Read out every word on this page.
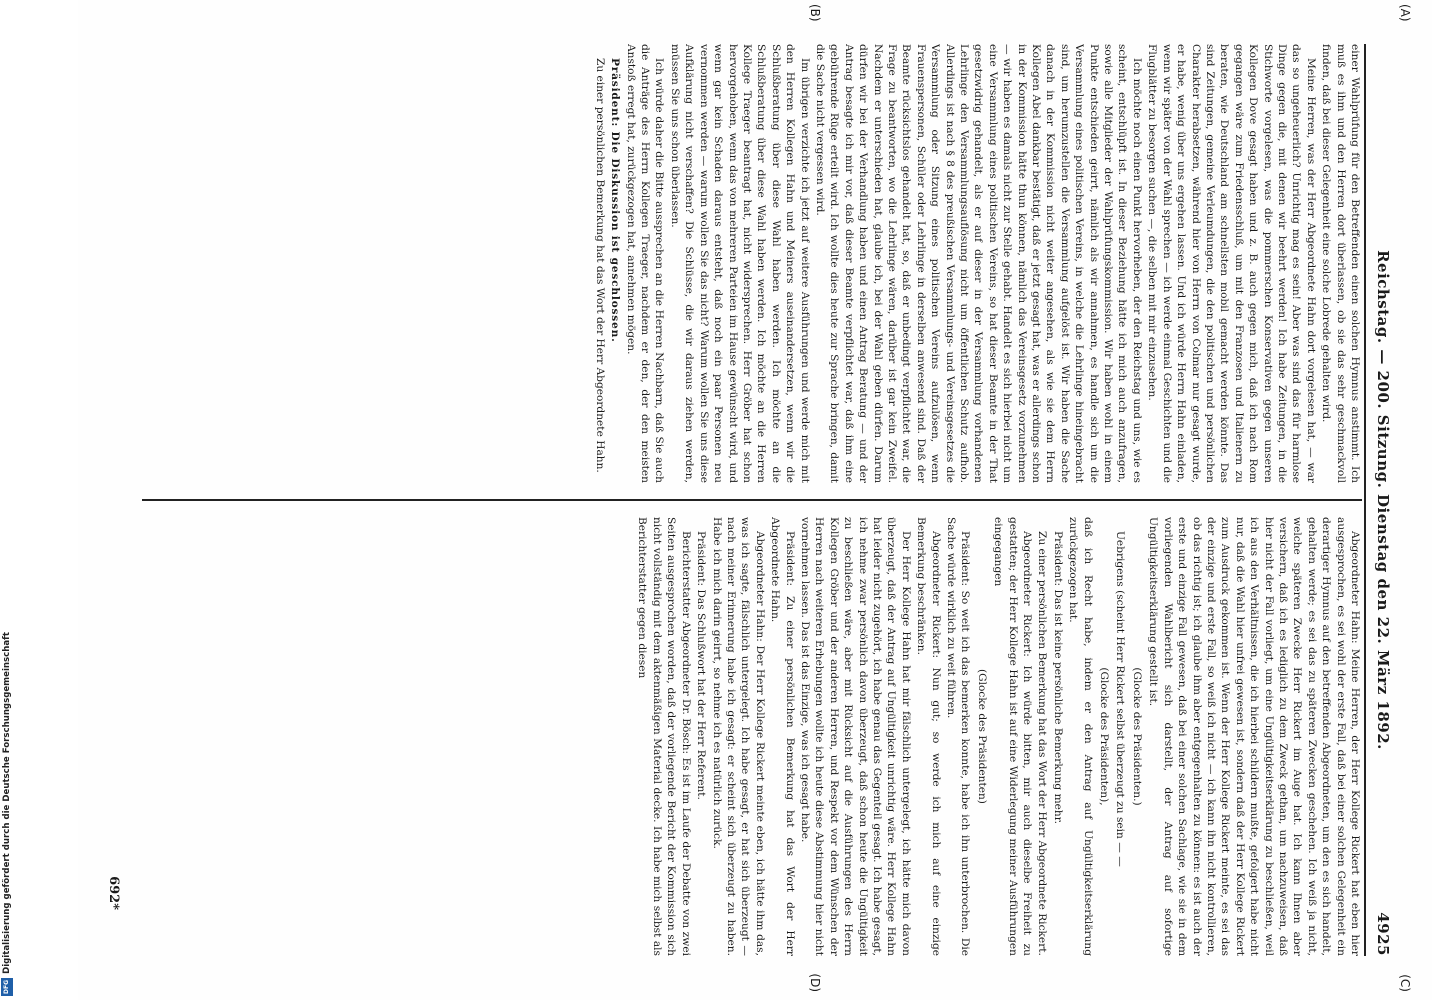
Digitalisierung gefördert durch die Deutsche Forschungsgemeinschaft
DFG
Reichstag. — 200. Sitzung. Dienstag den 22. März 1892.
4925
(A)
(B)
(C)
(D)

einer Wahlprüfung für den Betreffenden einen solchen Hymnus anstimmt. Ich muß es ihm und den Herren dort überlassen, ob sie das sehr geschmackvoll finden, daß bei dieser Gelegenheit eine solche Lobrede gehalten wird.

Meine Herren, was der Herr Abgeordnete Hahn dort vorgelesen hat, — war das so ungeheuerlich? Unrichtig mag es sein! Aber was sind das für harmlose Dinge gegen die, mit denen wir beehrt werden! Ich habe Zeitungen, in die Stichworte vorgelesen, was die pommerschen Konservativen gegen unseren Kollegen Dove gesagt haben und z. B. auch gegen mich, daß ich nach Rom gegangen wäre zum Friedensschluß, um mit den Franzosen und Italienern zu beraten, wie Deutschland am schnellsten mobil gemacht werden könnte. Das sind Zeitungen, gemeine Verleumdungen, die den politischen und persönlichen Charakter herabsetzen, während hier von Herrn von Colmar nur gesagt wurde, er habe, wenig über uns ergehen lassen. Und ich würde Herrn Hahn einladen, wenn wir später von der Wahl sprechen — ich werde einmal Geschichten und die Flugblätter zu besorgen suchen —, die selben mit mir einzusehen.

Ich möchte noch einen Punkt hervorheben, der den Reichstag und uns, wie es scheint, entschlüpft ist. In dieser Beziehung hätte ich mich auch anzufragen, sowie alle Mitglieder der Wahlprüfungskommission. Wir haben wohl in einem Punkte entschieden geirrt, nämlich als wir annahmen, es handle sich um die Versammlung eines politischen Vereins, in welche die Lehrlinge hineingebracht sind, um herumzustellen die Versammlung aufgelöst ist. Wir haben die Sache danach in der Kommission nicht weiter angesehen, als wie sie dem Herrn Kollegen Abel dankbar bestätigt, daß er jetzt gesagt hat, was er allerdings schon in der Kommission hätte thun können, nämlich das Vereinsgesetz vorzunehmen — wir haben es damals nicht zur Stelle gehabt. Handelt es sich hierbei nicht um eine Versammlung eines politischen Vereins, so hat dieser Beamte in der That gesetzwidrig gehandelt, als er auf dieser in der Versammlung vorhandenen Lehrlinge den Versammlungsauflösung nicht um öffentlichen Schutz aufhob. Allerdings ist nach § 8 des preußischen Versammlungs- und Vereinsgesetzes die Versammlung oder Sitzung eines politischen Vereins aufzulösen, wenn Frauenspersonen, Schüler oder Lehrlinge in derselben anwesend sind. Daß der Beamte rücksichtslos gehandelt hat, so, daß er unbedingt verpflichtet war, die Frage zu beantworten, wo die Lehrlinge wären, darüber ist gar kein Zweifel. Nachdem er unterschieden hat, glaube ich, bei der Wahl geben dürfen. Darum dürfen wir bei der Verhandlung haben und einen Antrag Beratung — und der Antrag besagte ich mir vor, daß dieser Beamte verpflichtet war, daß ihm eine gebührende Rüge erteilt wird. Ich wollte dies heute zur Sprache bringen, damit die Sache nicht vergessen wird.

Im übrigen verzichte ich jetzt auf weitere Ausführungen und werde mich mit den Herren Kollegen Hahn und Meiners auseinandersetzen, wenn wir die Schlußberatung über diese Wahl haben werden. Ich möchte an die Schlußberatung über diese Wahl haben werden. Ich möchte an die Herren Kollege Traeger beantragt hat, nicht widersprechen. Herr Gröber hat schon hervorgehoben, wenn das von mehreren Parteien im Hause gewünscht wird, und wenn gar kein Schaden daraus entsteht, daß noch ein paar Personen neu vernommen werden — warum wollen Sie das nicht? Warum wollen Sie uns diese Aufklärung nicht verschaffen? Die Schlüsse, die wir daraus ziehen werden, müssen Sie uns schon überlassen.

Ich würde daher die Bitte aussprechen an die Herren Nachbarn, daß Sie auch die Anträge des Herrn Kollegen Traeger, nachdem er den, der den meisten Anstoß erregt hat, zurückgezogen hat, annehmen mögen.

Präsident: Die Diskussion ist geschlossen.

Zu einer persönlichen Bemerkung hat das Wort der Herr Abgeordnete Hahn.

Abgeordneter Hahn: Meine Herren, der Herr Kollege Rickert hat eben hier ausgesprochen, es sei wohl der erste Fall, daß bei einer solchen Gelegenheit ein derartiger Hymnus auf den betreffenden Abgeordneten, um den es sich handelt, gehalten werde; es sei das zu späteren Zwecken geschehen. Ich weiß ja nicht, welche späteren Zwecke Herr Rickert im Auge hat. Ich kann Ihnen aber versichern, daß ich es lediglich zu dem Zweck gethan, um nachzuweisen, daß hier nicht der Fall vorliegt, um eine Ungültigkeitserklärung zu beschließen, weil ich aus den Verhältnissen, die ich hierbei schildern mußte, gefolgert habe nicht nur, daß die Wahl hier unfrei gewesen ist, sondern daß der Herr Kollege Rickert zum Ausdruck gekommen ist. Wenn der Herr Kollege Rickert meinte, es sei das der einzige und erste Fall, so weiß ich nicht — ich kann ihn nicht kontrollieren, ob das richtig ist; ich glaube ihm aber entgegenhalten zu können: es ist auch der erste und einzige Fall gewesen, daß bei einer solchen Sachlage, wie sie in dem vorliegenden Wahlbericht sich darstellt, der Antrag auf sofortige Ungültigkeitserklärung gestellt ist.

(Glocke des Präsidenten.)

Uebrigens (scheint Herr Rickert selbst überzeugt zu sein — —

(Glocke des Präsidenten),

daß ich Recht habe, indem er den Antrag auf Ungültigkeitserklärung zurückgezogen hat.

Präsident: Das ist keine persönliche Bemerkung mehr.

Zu einer persönlichen Bemerkung hat das Wort der Herr Abgeordnete Rickert.

Abgeordneter Rickert: Ich würde bitten, mir auch dieselbe Freiheit zu gestatten; der Herr Kollege Hahn ist auf eine Widerlegung meiner Ausführungen eingegangen

(Glocke des Präsidenten)

Präsident: So weit ich das bemerken konnte, habe ich ihn unterbrochen. Die Sache würde wirklich zu weit führen.

Abgeordneter Rickert: Nun gut; so werde ich mich auf eine einzige Bemerkung beschränken.

Der Herr Kollege Hahn hat mir fälschlich untergelegt, ich hätte mich davon überzeugt, daß der Antrag auf Ungültigkeit unrichtig wäre. Herr Kollege Hahn hat leider nicht zugehört, ich habe genau das Gegenteil gesagt. Ich habe gesagt, ich nehme zwar persönlich davon überzeugt, daß schon heute die Ungültigkeit zu beschließen wäre, aber mit Rücksicht auf die Ausführungen des Herrn Kollegen Gröber und der anderen Herren, und Respekt vor dem Wünschen der Herren nach weiteren Erhebungen wollte ich heute diese Abstimmung hier nicht vornehmen lassen. Das ist das Einzige, was ich gesagt habe.

Präsident: Zu einer persönlichen Bemerkung hat das Wort der Herr Abgeordnete Hahn.

Abgeordneter Hahn: Der Herr Kollege Rickert meinte eben, ich hätte ihm das, was ich sagte, fälschlich untergelegt. Ich habe gesagt, er hat sich überzeugt — nach meiner Erinnerung habe ich gesagt: er scheint sich überzeugt zu haben. Habe ich mich darin geirrt, so nehme ich es natürlich zurück.

Präsident: Das Schlußwort hat der Herr Referent.

Berichterstatter Abgeordneter Dr. Bösch: Es ist im Laufe der Debatte von zwei Seiten ausgesprochen worden, daß der vorliegende Bericht der Kommission sich nicht vollständig mit dem aktenmäßigen Material decke. Ich habe mich selbst als Berichterstatter gegen diesen

692*
